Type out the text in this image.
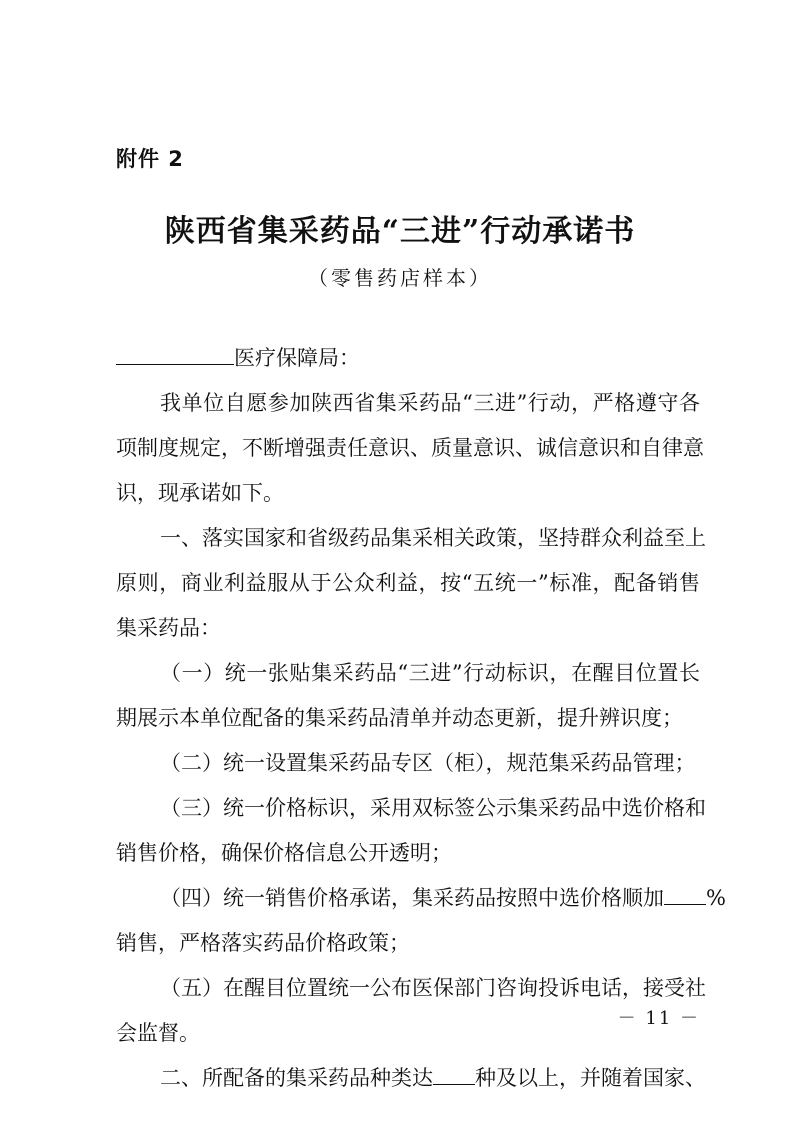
附件 2
陕西省集采药品“三进”行动承诺书
（零售药店样本）
医疗保障局：
我单位自愿参加陕西省集采药品“三进”行动，严格遵守各
项制度规定，不断增强责任意识、质量意识、诚信意识和自律意
识，现承诺如下。
一、落实国家和省级药品集采相关政策，坚持群众利益至上
原则，商业利益服从于公众利益，按“五统一”标准，配备销售
集采药品：
（一）统一张贴集采药品“三进”行动标识，在醒目位置长
期展示本单位配备的集采药品清单并动态更新，提升辨识度；
（二）统一设置集采药品专区（柜），规范集采药品管理；
（三）统一价格标识，采用双标签公示集采药品中选价格和
销售价格，确保价格信息公开透明；
（四）统一销售价格承诺，集采药品按照中选价格顺加 %
销售，严格落实药品价格政策；
（五）在醒目位置统一公布医保部门咨询投诉电话，接受社
会监督。
二、所配备的集采药品种类达 种及以上，并随着国家、
－ 11 －
